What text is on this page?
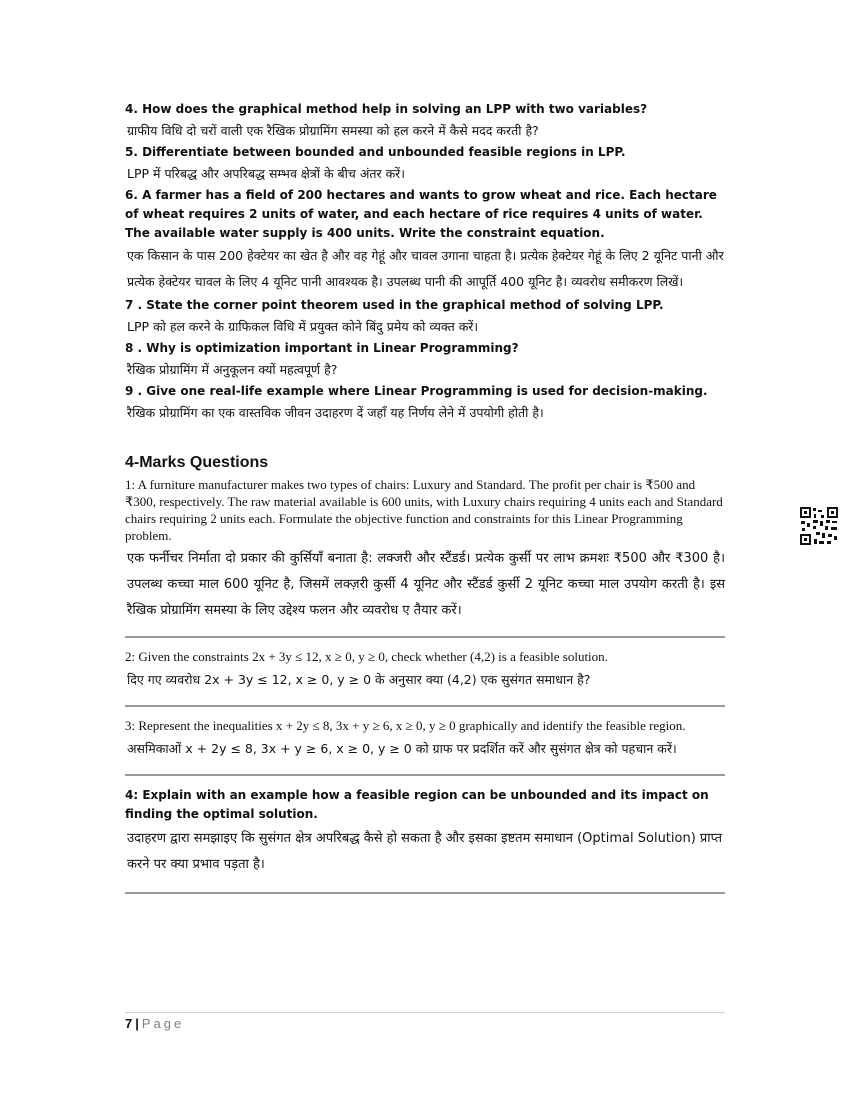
4. How does the graphical method help in solving an LPP with two variables?

ग्राफीय विधि दो चरों वाली एक रैखिक प्रोग्रामिंग समस्या को हल करने में कैसे मदद करती है?

5. Differentiate between bounded and unbounded feasible regions in LPP.

LPP में परिबद्ध और अपरिबद्ध सम्भव क्षेत्रों के बीच अंतर करें।

6. A farmer has a field of 200 hectares and wants to grow wheat and rice. Each hectare of wheat requires 2 units of water, and each hectare of rice requires 4 units of water. The available water supply is 400 units. Write the constraint equation.

एक किसान के पास 200 हेक्टेयर का खेत है और वह गेहूं और चावल उगाना चाहता है। प्रत्येक हेक्टेयर गेहूं के लिए 2 यूनिट पानी और प्रत्येक हेक्टेयर चावल के लिए 4 यूनिट पानी आवश्यक है। उपलब्ध पानी की आपूर्ति 400 यूनिट है। व्यवरोध समीकरण लिखें।

7 . State the corner point theorem used in the graphical method of solving LPP.

LPP को हल करने के ग्राफिकल विधि में प्रयुक्त कोने बिंदु प्रमेय को व्यक्त करें।

8 . Why is optimization important in Linear Programming?

रैखिक प्रोग्रामिंग में अनुकूलन क्यों महत्वपूर्ण है?

9 . Give one real-life example where Linear Programming is used for decision-making.

रैखिक प्रोग्रामिंग का एक वास्तविक जीवन उदाहरण दें जहाँ यह निर्णय लेने में उपयोगी होती है।

4-Marks Questions

1: A furniture manufacturer makes two types of chairs: Luxury and Standard. The profit per chair is ₹500 and ₹300, respectively. The raw material available is 600 units, with Luxury chairs requiring 4 units each and Standard chairs requiring 2 units each. Formulate the objective function and constraints for this Linear Programming problem.

एक फर्नीचर निर्माता दो प्रकार की कुर्सियाँ बनाता है: लक्जरी और स्टैंडर्ड। प्रत्येक कुर्सी पर लाभ क्रमशः ₹500 और ₹300 है। उपलब्ध कच्चा माल 600 यूनिट है, जिसमें लक्ज़री कुर्सी 4 यूनिट और स्टैंडर्ड कुर्सी 2 यूनिट कच्चा माल उपयोग करती है। इस रैखिक प्रोग्रामिंग समस्या के लिए उद्देश्य फलन और व्यवरोध ए तैयार करें।

2: Given the constraints 2x + 3y ≤ 12, x ≥ 0, y ≥ 0, check whether (4,2) is a feasible solution.

दिए गए व्यवरोध 2x + 3y ≤ 12, x ≥ 0, y ≥ 0 के अनुसार क्या (4,2) एक सुसंगत समाधान है?

3: Represent the inequalities x + 2y ≤ 8, 3x + y ≥ 6, x ≥ 0, y ≥ 0 graphically and identify the feasible region.

असमिकाओं x + 2y ≤ 8, 3x + y ≥ 6, x ≥ 0, y ≥ 0 को ग्राफ पर प्रदर्शित करें और सुसंगत क्षेत्र को पहचान करें।

4: Explain with an example how a feasible region can be unbounded and its impact on finding the optimal solution.

उदाहरण द्वारा समझाइए कि सुसंगत क्षेत्र अपरिबद्ध कैसे हो सकता है और इसका इष्टतम समाधान (Optimal Solution) प्राप्त करने पर क्या प्रभाव पड़ता है।

7 | Page
